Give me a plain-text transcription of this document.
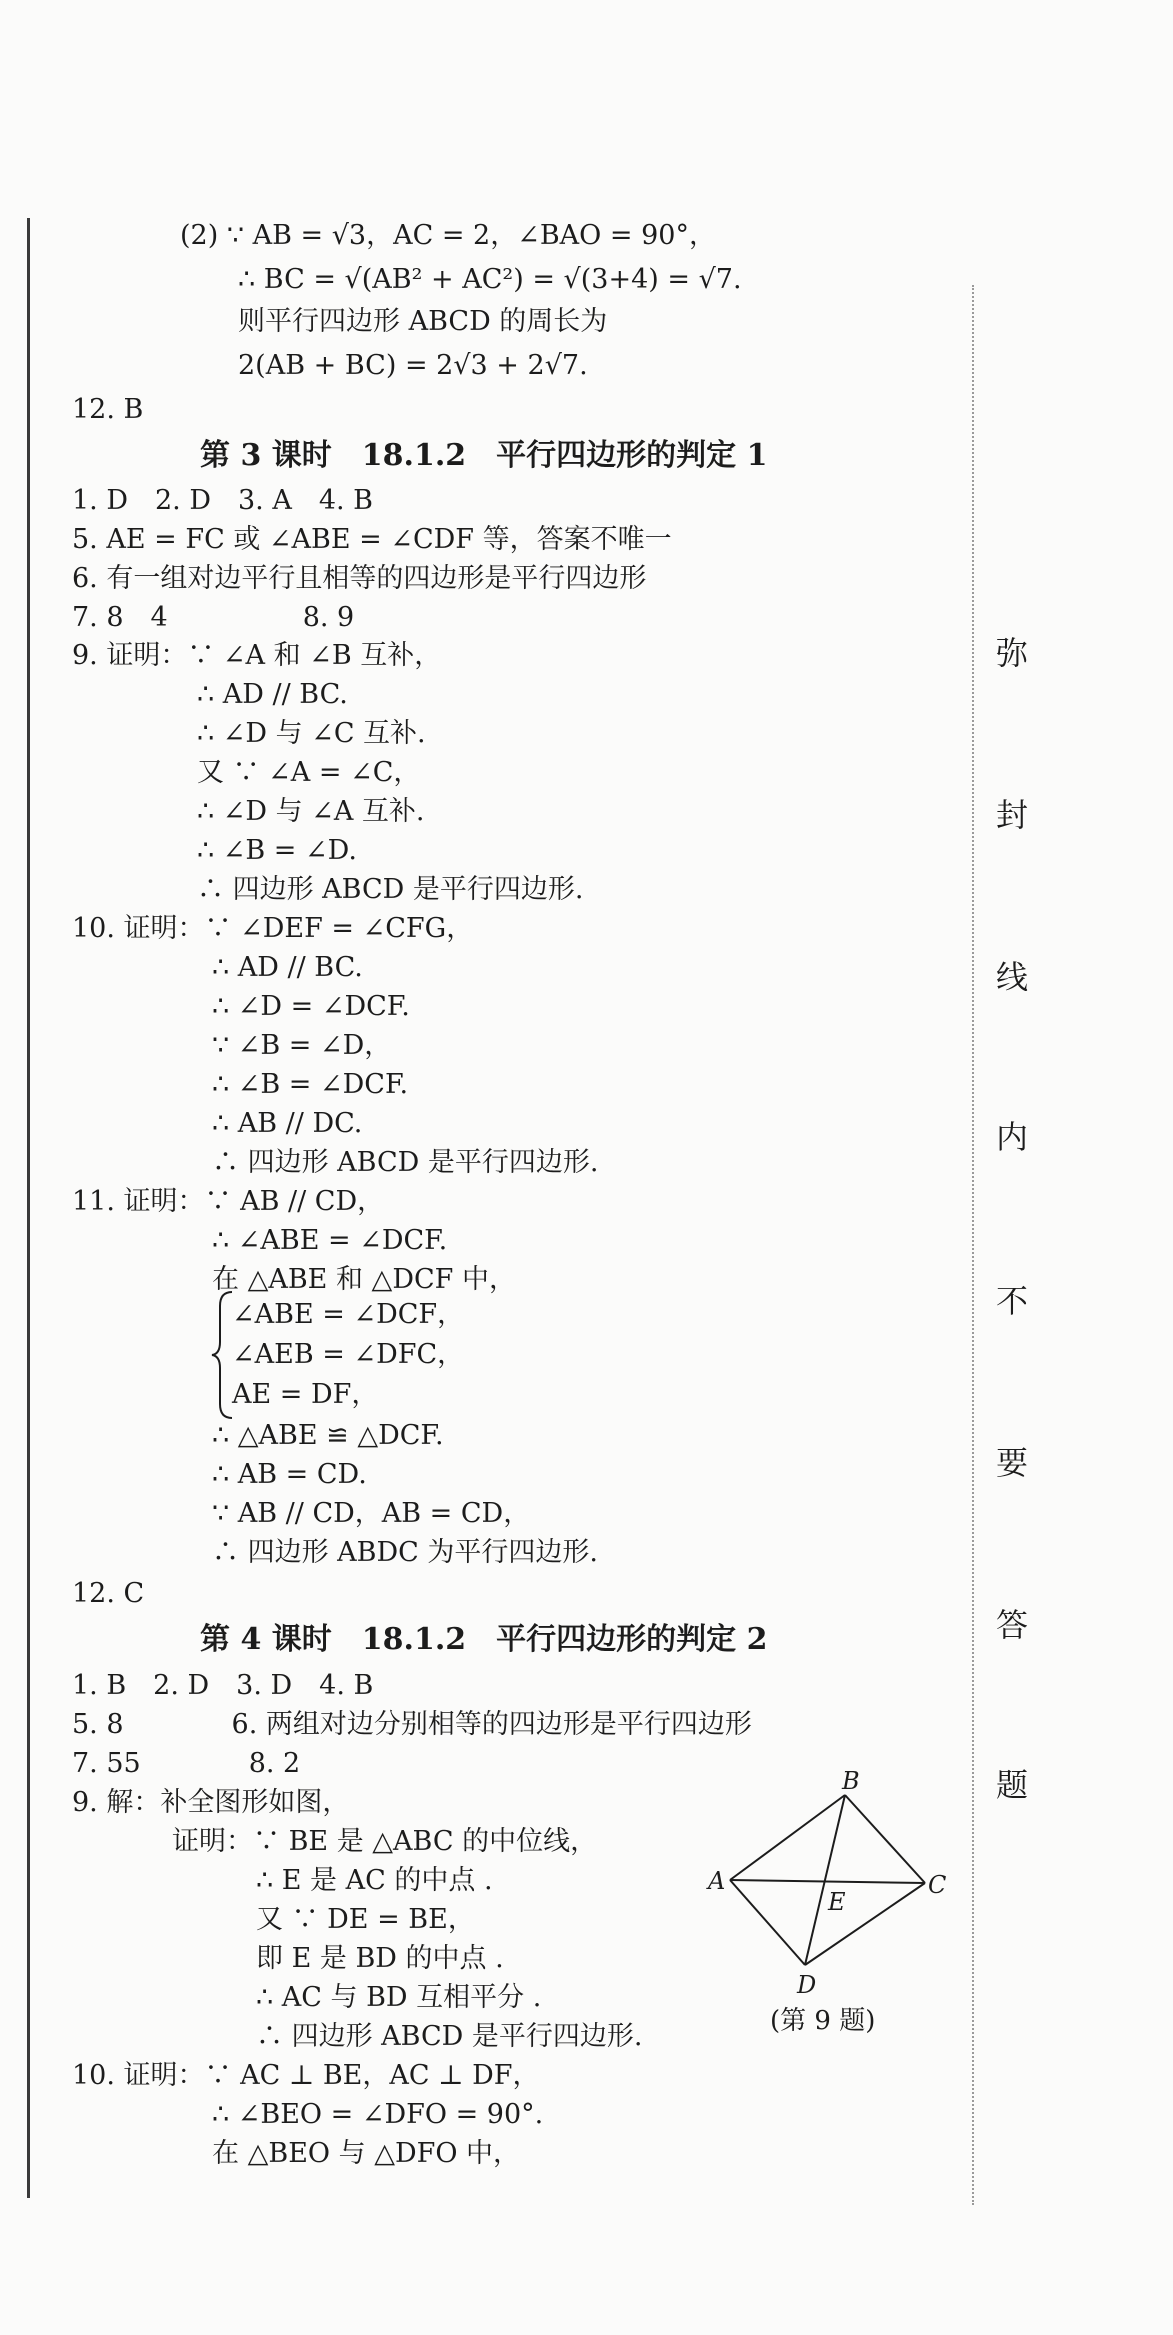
(2) ∵ AB = √3，AC = 2，∠BAO = 90°，
∴ BC = √(AB² + AC²) = √(3+4) = √7.
则平行四边形 ABCD 的周长为
2(AB + BC) = 2√3 + 2√7.
12. B
第 3 课时　18.1.2　平行四边形的判定 1
1. D　2. D　3. A　4. B
5. AE = FC 或 ∠ABE = ∠CDF 等，答案不唯一
6. 有一组对边平行且相等的四边形是平行四边形
7. 8　4　　　　　8. 9
9. 证明：∵ ∠A 和 ∠B 互补，
∴ AD // BC.
∴ ∠D 与 ∠C 互补.
又 ∵ ∠A = ∠C，
∴ ∠D 与 ∠A 互补.
∴ ∠B = ∠D.
∴ 四边形 ABCD 是平行四边形.
10. 证明：∵ ∠DEF = ∠CFG，
∴ AD // BC.
∴ ∠D = ∠DCF.
∵ ∠B = ∠D，
∴ ∠B = ∠DCF.
∴ AB // DC.
∴ 四边形 ABCD 是平行四边形.
11. 证明：∵ AB // CD，
∴ ∠ABE = ∠DCF.
在 △ABE 和 △DCF 中，
∠ABE = ∠DCF，
∠AEB = ∠DFC，
AE = DF，
∴ △ABE ≌ △DCF.
∴ AB = CD.
∵ AB // CD，AB = CD，
∴ 四边形 ABDC 为平行四边形.
12. C
第 4 课时　18.1.2　平行四边形的判定 2
1. B　2. D　3. D　4. B
5. 8　　　　6. 两组对边分别相等的四边形是平行四边形
7. 55　　　　8. 2
9. 解：补全图形如图，
证明：∵ BE 是 △ABC 的中位线，
∴ E 是 AC 的中点 .
又 ∵ DE = BE，
即 E 是 BD 的中点 .
∴ AC 与 BD 互相平分 .
∴ 四边形 ABCD 是平行四边形.
10. 证明：∵ AC ⊥ BE，AC ⊥ DF，
∴ ∠BEO = ∠DFO = 90°.
在 △BEO 与 △DFO 中，
B
A	C
E
D
(第 9 题)
弥
封
线
内
不
要
答
题
